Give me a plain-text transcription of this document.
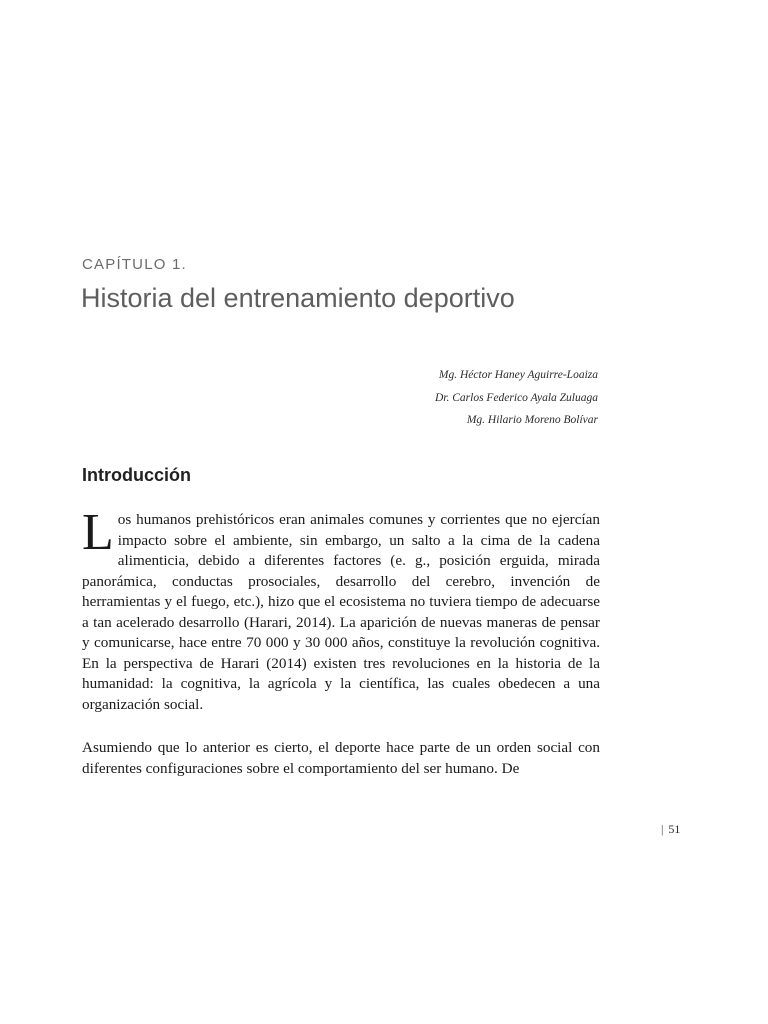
CAPÍTULO 1.
Historia del entrenamiento deportivo
Mg. Héctor Haney Aguirre-Loaiza
Dr. Carlos Federico Ayala Zuluaga
Mg. Hilario Moreno Bolívar
Introducción

Los humanos prehistóricos eran animales comunes y corrientes que no ejercían impacto sobre el ambiente, sin embargo, un salto a la cima de la cadena alimenticia, debido a diferentes factores (e. g., posición erguida, mirada panorámica, conductas prosociales, desarrollo del cerebro, invención de herramientas y el fuego, etc.), hizo que el ecosistema no tuviera tiempo de adecuarse a tan acelerado desarrollo (Harari, 2014). La aparición de nuevas maneras de pensar y comunicarse, hace entre 70 000 y 30 000 años, constituye la revolución cognitiva. En la perspectiva de Harari (2014) existen tres revoluciones en la historia de la humanidad: la cognitiva, la agrícola y la científica, las cuales obedecen a una organización social.

Asumiendo que lo anterior es cierto, el deporte hace parte de un orden social con diferentes configuraciones sobre el comportamiento del ser humano. De

| 51
